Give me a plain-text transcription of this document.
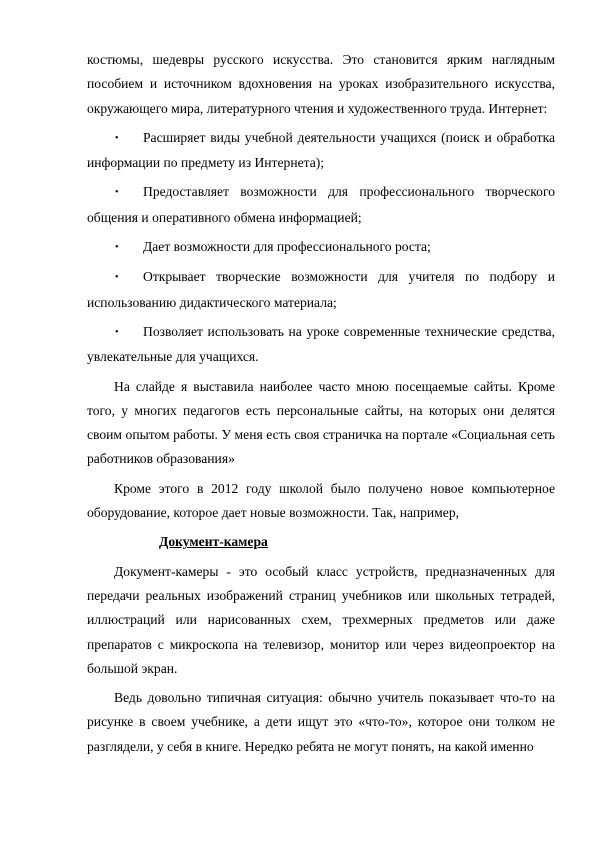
костюмы, шедевры русского искусства. Это становится ярким наглядным пособием и источником вдохновения на уроках изобразительного искусства, окружающего мира, литературного чтения и художественного труда. Интернет:

• Расширяет виды учебной деятельности учащихся (поиск и обработка информации по предмету из Интернета);

• Предоставляет возможности для профессионального творческого общения и оперативного обмена информацией;

• Дает возможности для профессионального роста;

• Открывает творческие возможности для учителя по подбору и использованию дидактического материала;

• Позволяет использовать на уроке современные технические средства, увлекательные для учащихся.

На слайде я выставила наиболее часто мною посещаемые сайты. Кроме того, у многих педагогов есть персональные сайты, на которых они делятся своим опытом работы. У меня есть своя страничка на портале «Социальная сеть работников образования»

Кроме этого в 2012 году школой было получено новое компьютерное оборудование, которое дает новые возможности. Так, например,

Документ-камера

Документ-камеры - это особый класс устройств, предназначенных для передачи реальных изображений страниц учебников или школьных тетрадей, иллюстраций или нарисованных схем, трехмерных предметов или даже препаратов с микроскопа на телевизор, монитор или через видеопроектор на большой экран.

Ведь довольно типичная ситуация: обычно учитель показывает что-то на рисунке в своем учебнике, а дети ищут это «что-то», которое они толком не разглядели, у себя в книге. Нередко ребята не могут понять, на какой именно
